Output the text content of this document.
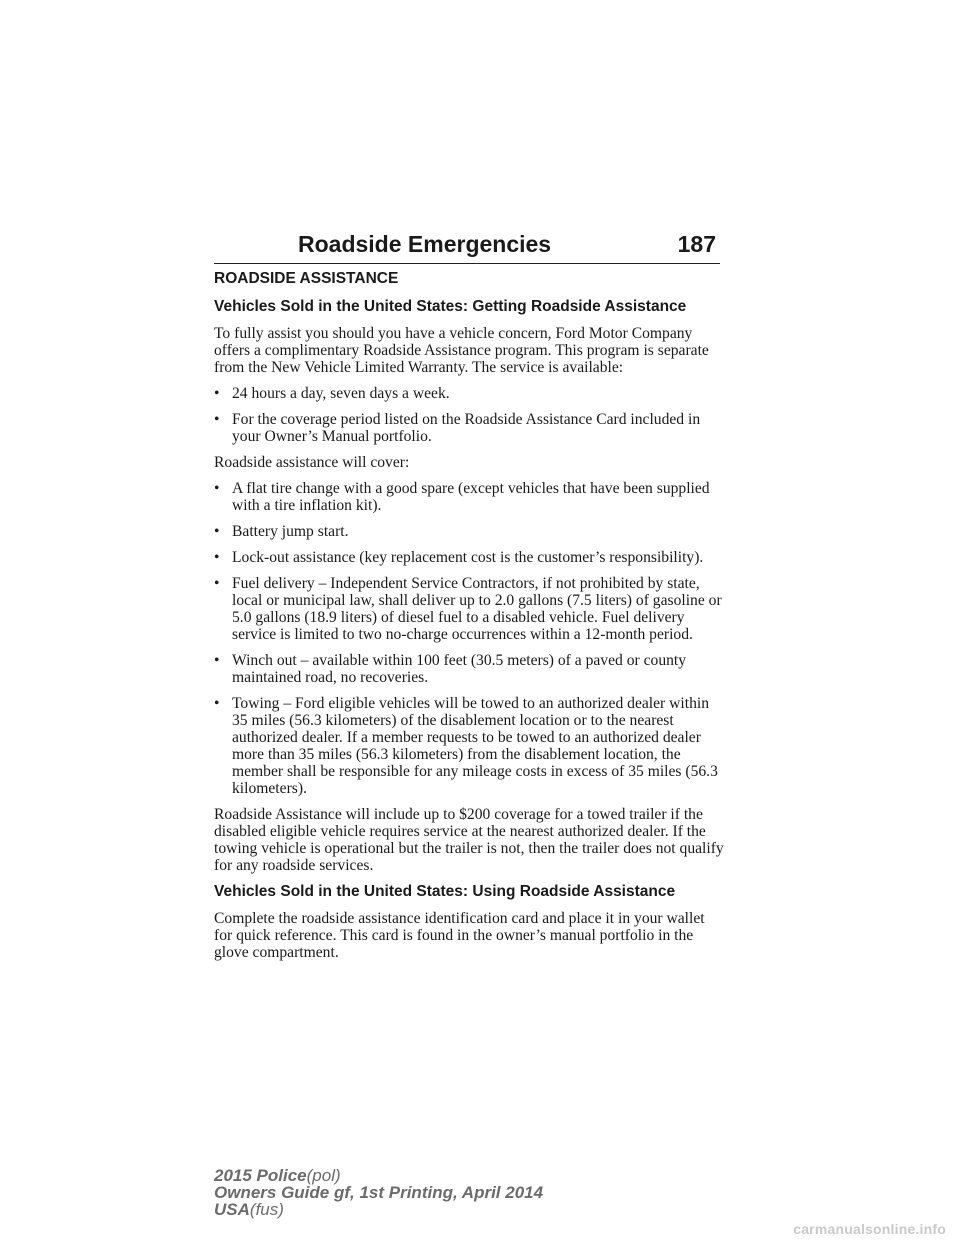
Roadside Emergencies	187
ROADSIDE ASSISTANCE
Vehicles Sold in the United States: Getting Roadside Assistance

To fully assist you should you have a vehicle concern, Ford Motor Company offers a complimentary Roadside Assistance program. This program is separate from the New Vehicle Limited Warranty. The service is available:

• 24 hours a day, seven days a week.
• For the coverage period listed on the Roadside Assistance Card included in your Owner’s Manual portfolio.

Roadside assistance will cover:

• A flat tire change with a good spare (except vehicles that have been supplied with a tire inflation kit).
• Battery jump start.
• Lock-out assistance (key replacement cost is the customer’s responsibility).
• Fuel delivery – Independent Service Contractors, if not prohibited by state, local or municipal law, shall deliver up to 2.0 gallons (7.5 liters) of gasoline or 5.0 gallons (18.9 liters) of diesel fuel to a disabled vehicle. Fuel delivery service is limited to two no-charge occurrences within a 12-month period.
• Winch out – available within 100 feet (30.5 meters) of a paved or county maintained road, no recoveries.
• Towing – Ford eligible vehicles will be towed to an authorized dealer within 35 miles (56.3 kilometers) of the disablement location or to the nearest authorized dealer. If a member requests to be towed to an authorized dealer more than 35 miles (56.3 kilometers) from the disablement location, the member shall be responsible for any mileage costs in excess of 35 miles (56.3 kilometers).

Roadside Assistance will include up to $200 coverage for a towed trailer if the disabled eligible vehicle requires service at the nearest authorized dealer. If the towing vehicle is operational but the trailer is not, then the trailer does not qualify for any roadside services.

Vehicles Sold in the United States: Using Roadside Assistance

Complete the roadside assistance identification card and place it in your wallet for quick reference. This card is found in the owner’s manual portfolio in the glove compartment.

2015 Police(pol)
Owners Guide gf, 1st Printing, April 2014
USA(fus)
carmanualsonline.info
